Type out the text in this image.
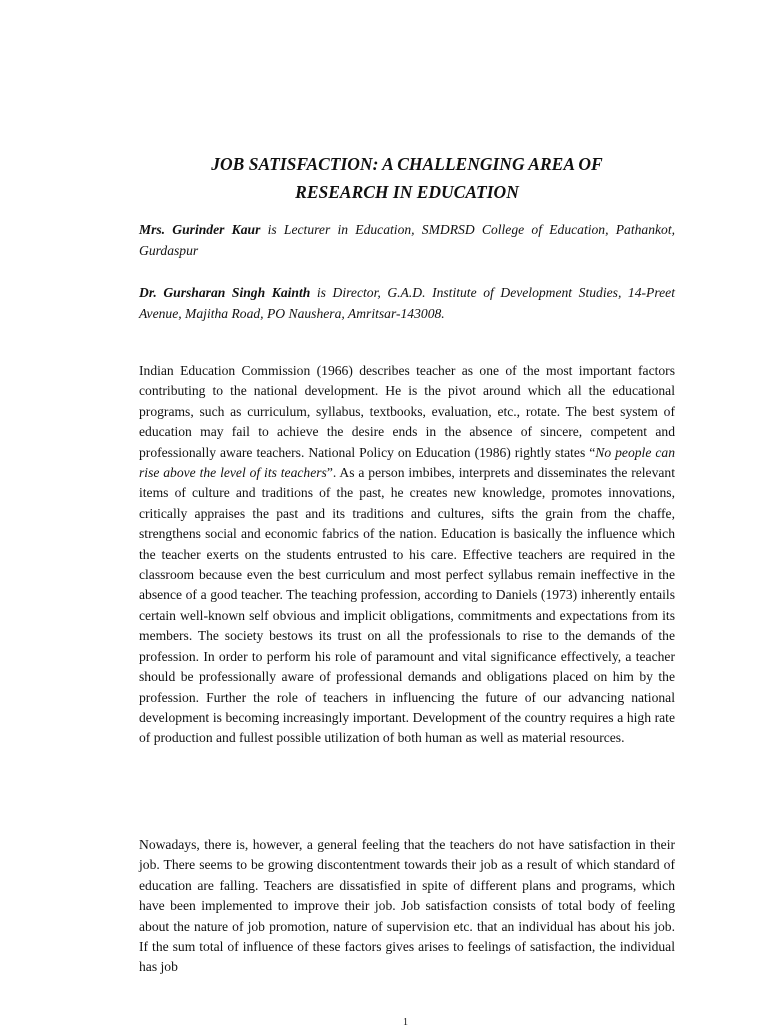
JOB SATISFACTION: A CHALLENGING AREA OF
RESEARCH IN EDUCATION
Mrs. Gurinder Kaur is Lecturer in Education, SMDRSD College of Education, Pathankot, Gurdaspur
Dr. Gursharan Singh Kainth is Director, G.A.D. Institute of Development Studies, 14-Preet Avenue, Majitha Road, PO Naushera, Amritsar-143008.

Indian Education Commission (1966) describes teacher as one of the most important factors contributing to the national development. He is the pivot around which all the educational programs, such as curriculum, syllabus, textbooks, evaluation, etc., rotate. The best system of education may fail to achieve the desire ends in the absence of sincere, competent and professionally aware teachers. National Policy on Education (1986) rightly states “No people can rise above the level of its teachers”. As a person imbibes, interprets and disseminates the relevant items of culture and traditions of the past, he creates new knowledge, promotes innovations, critically appraises the past and its traditions and cultures, sifts the grain from the chaffe, strengthens social and economic fabrics of the nation. Education is basically the influence which the teacher exerts on the students entrusted to his care. Effective teachers are required in the classroom because even the best curriculum and most perfect syllabus remain ineffective in the absence of a good teacher. The teaching profession, according to Daniels (1973) inherently entails certain well-known self obvious and implicit obligations, commitments and expectations from its members. The society bestows its trust on all the professionals to rise to the demands of the profession. In order to perform his role of paramount and vital significance effectively, a teacher should be professionally aware of professional demands and obligations placed on him by the profession. Further the role of teachers in influencing the future of our advancing national development is becoming increasingly important. Development of the country requires a high rate of production and fullest possible utilization of both human as well as material resources.

Nowadays, there is, however, a general feeling that the teachers do not have satisfaction in their job. There seems to be growing discontentment towards their job as a result of which standard of education are falling. Teachers are dissatisfied in spite of different plans and programs, which have been implemented to improve their job. Job satisfaction consists of total body of feeling about the nature of job promotion, nature of supervision etc. that an individual has about his job. If the sum total of influence of these factors gives arises to feelings of satisfaction, the individual has job

1
